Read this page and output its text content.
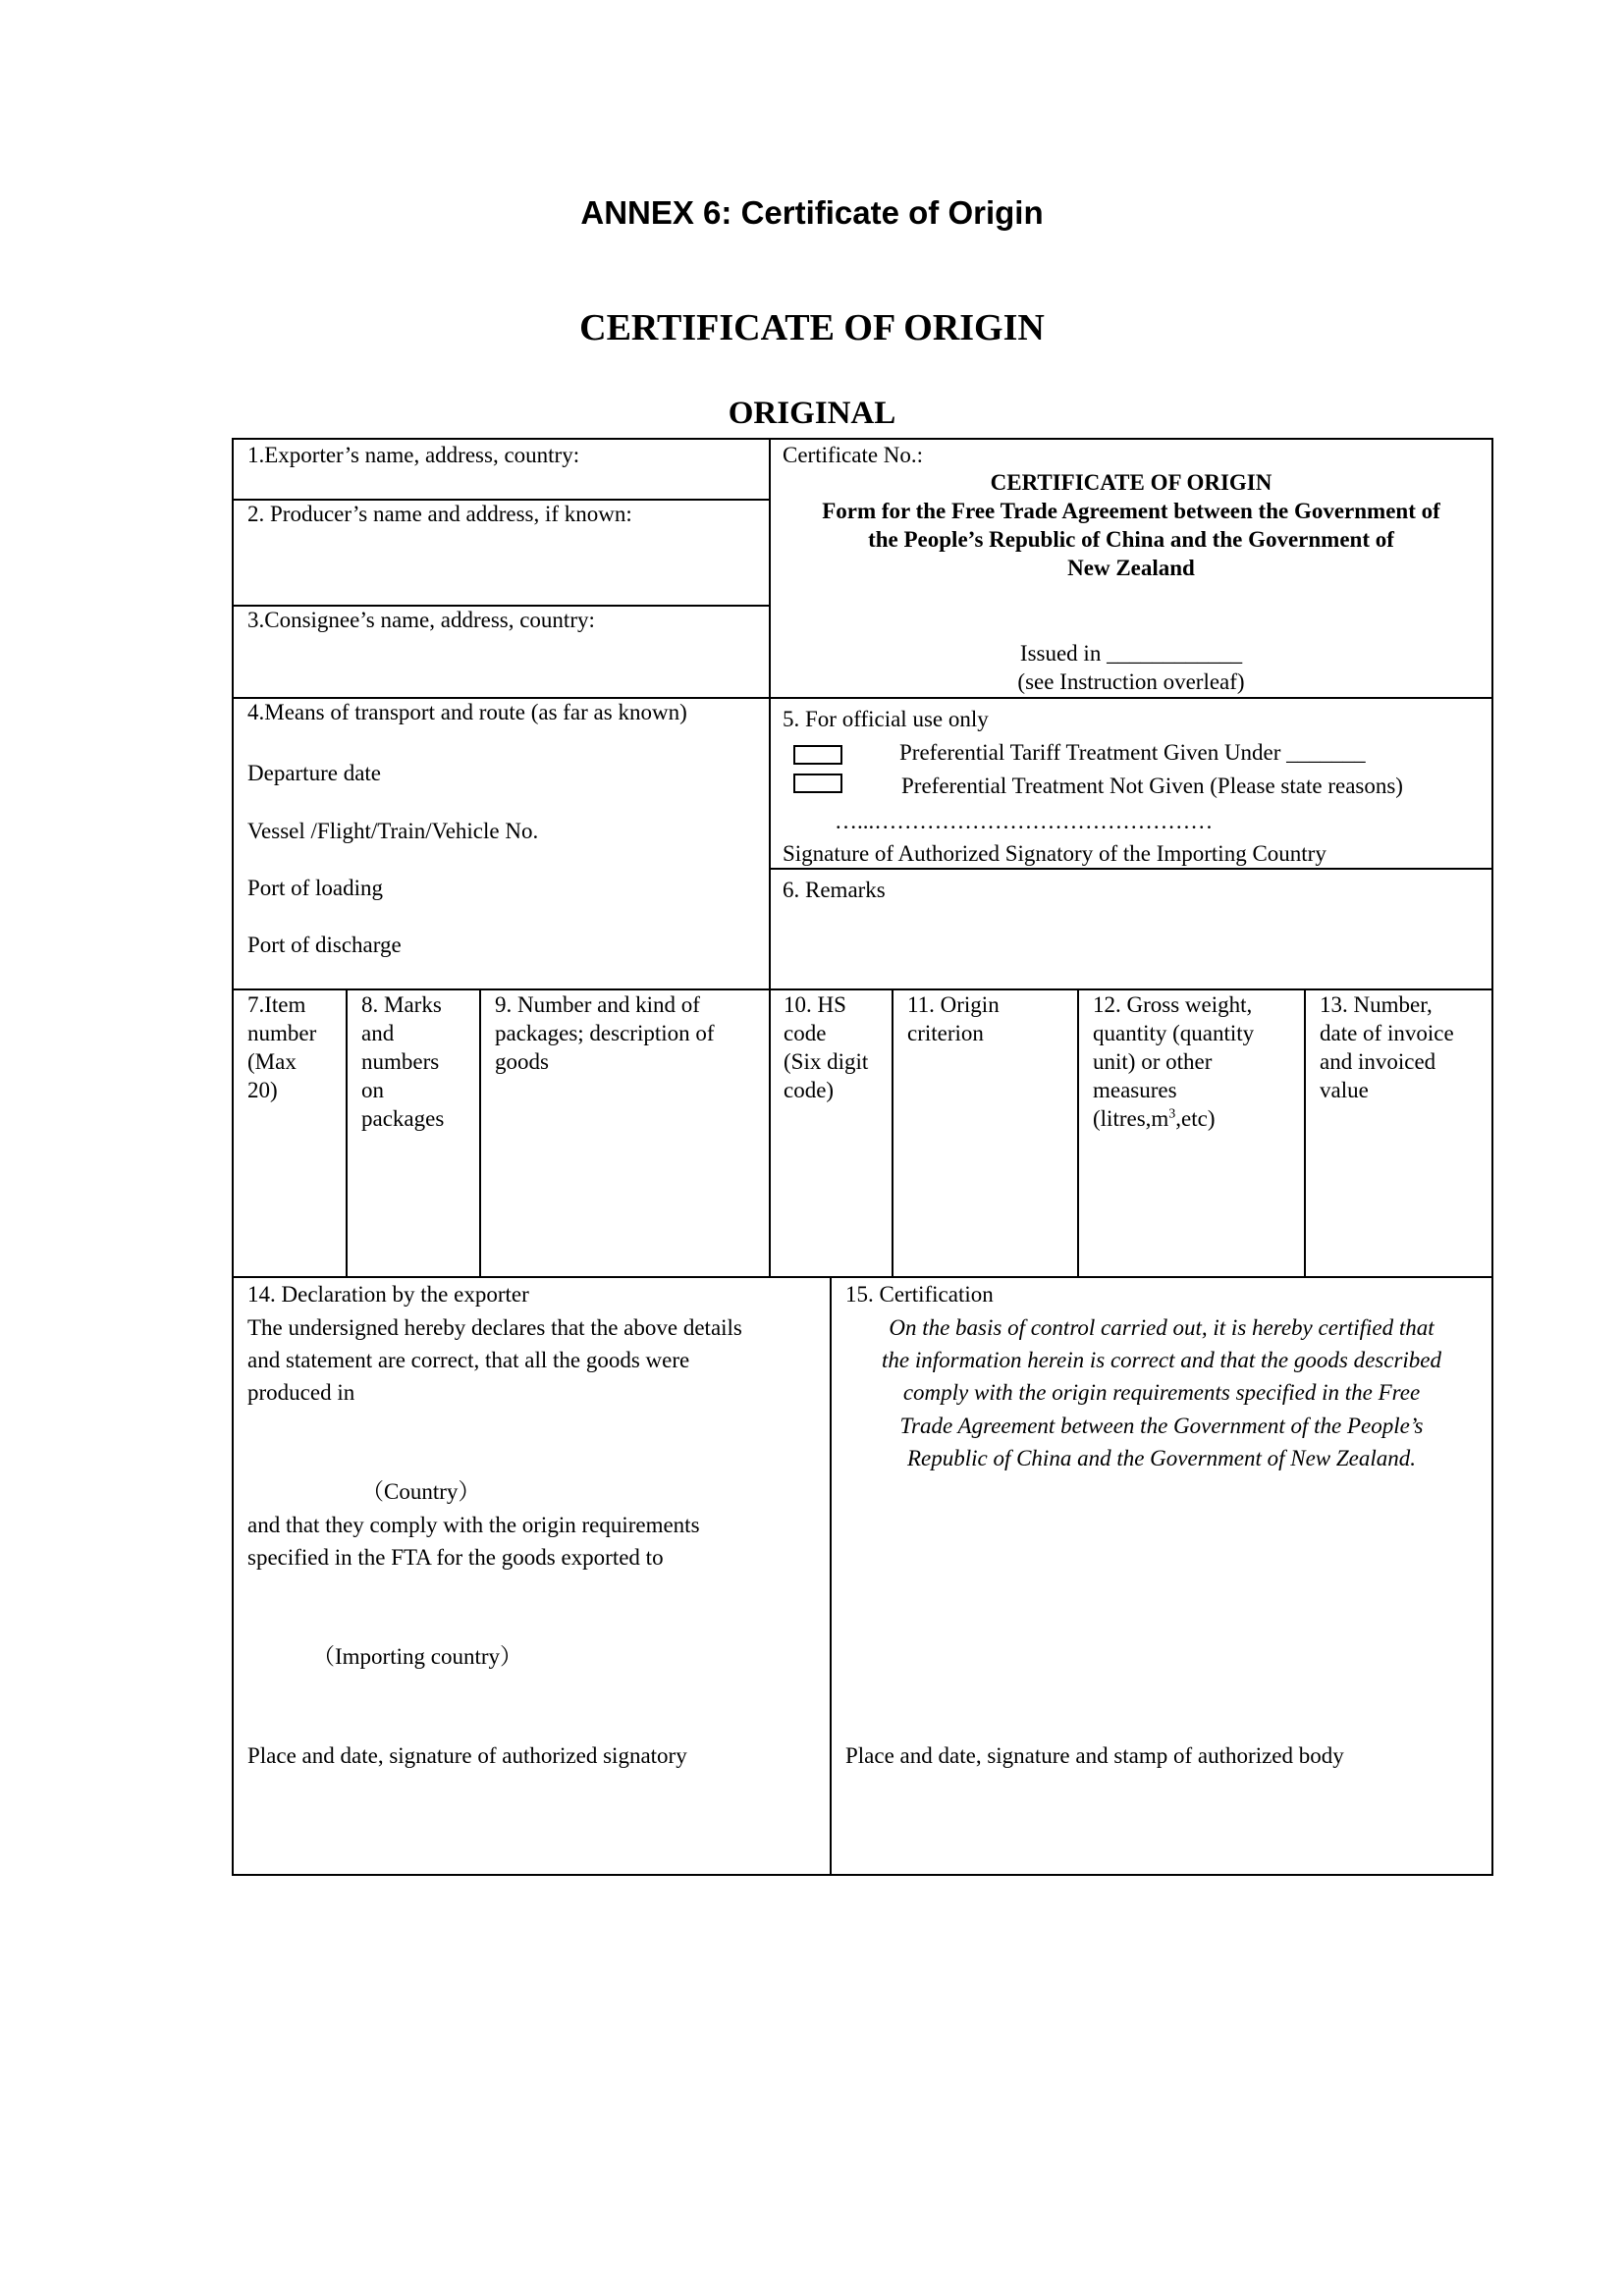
ANNEX 6: Certificate of Origin
CERTIFICATE OF ORIGIN
ORIGINAL
1.Exporter’s name, address, country:
2. Producer’s name and address, if known:
3.Consignee’s name, address, country:
Certificate No.:
CERTIFICATE OF ORIGIN
Form for the Free Trade Agreement between the Government of
the People’s Republic of China and the Government of
New Zealand
Issued in ____________
(see Instruction overleaf)
4.Means of transport and route (as far as known)
Departure date
Vessel /Flight/Train/Vehicle No.
Port of loading
Port of discharge
5. For official use only
Preferential Tariff Treatment Given Under _______
Preferential Treatment Not Given (Please state reasons)
…...………………………………………
Signature of Authorized Signatory of the Importing Country
6. Remarks
7.Item
number
(Max
20)
8. Marks
and
numbers
on
packages
9. Number and kind of
packages; description of
goods
10. HS
code
(Six digit
code)
11. Origin
criterion
12. Gross weight,
quantity (quantity
unit) or other
measures
$(litres,m^3,etc)$
13. Number,
date of invoice
and invoiced
value
14. Declaration by the exporter
The undersigned hereby declares that the above details
and statement are correct, that all the goods were
produced in
（Country）
and that they comply with the origin requirements
specified in the FTA for the goods exported to
（Importing country）
Place and date, signature of authorized signatory
15. Certification
On the basis of control carried out, it is hereby certified that
the information herein is correct and that the goods described
comply with the origin requirements specified in the Free
Trade Agreement between the Government of the People’s
Republic of China and the Government of New Zealand.
Place and date, signature and stamp of authorized body
